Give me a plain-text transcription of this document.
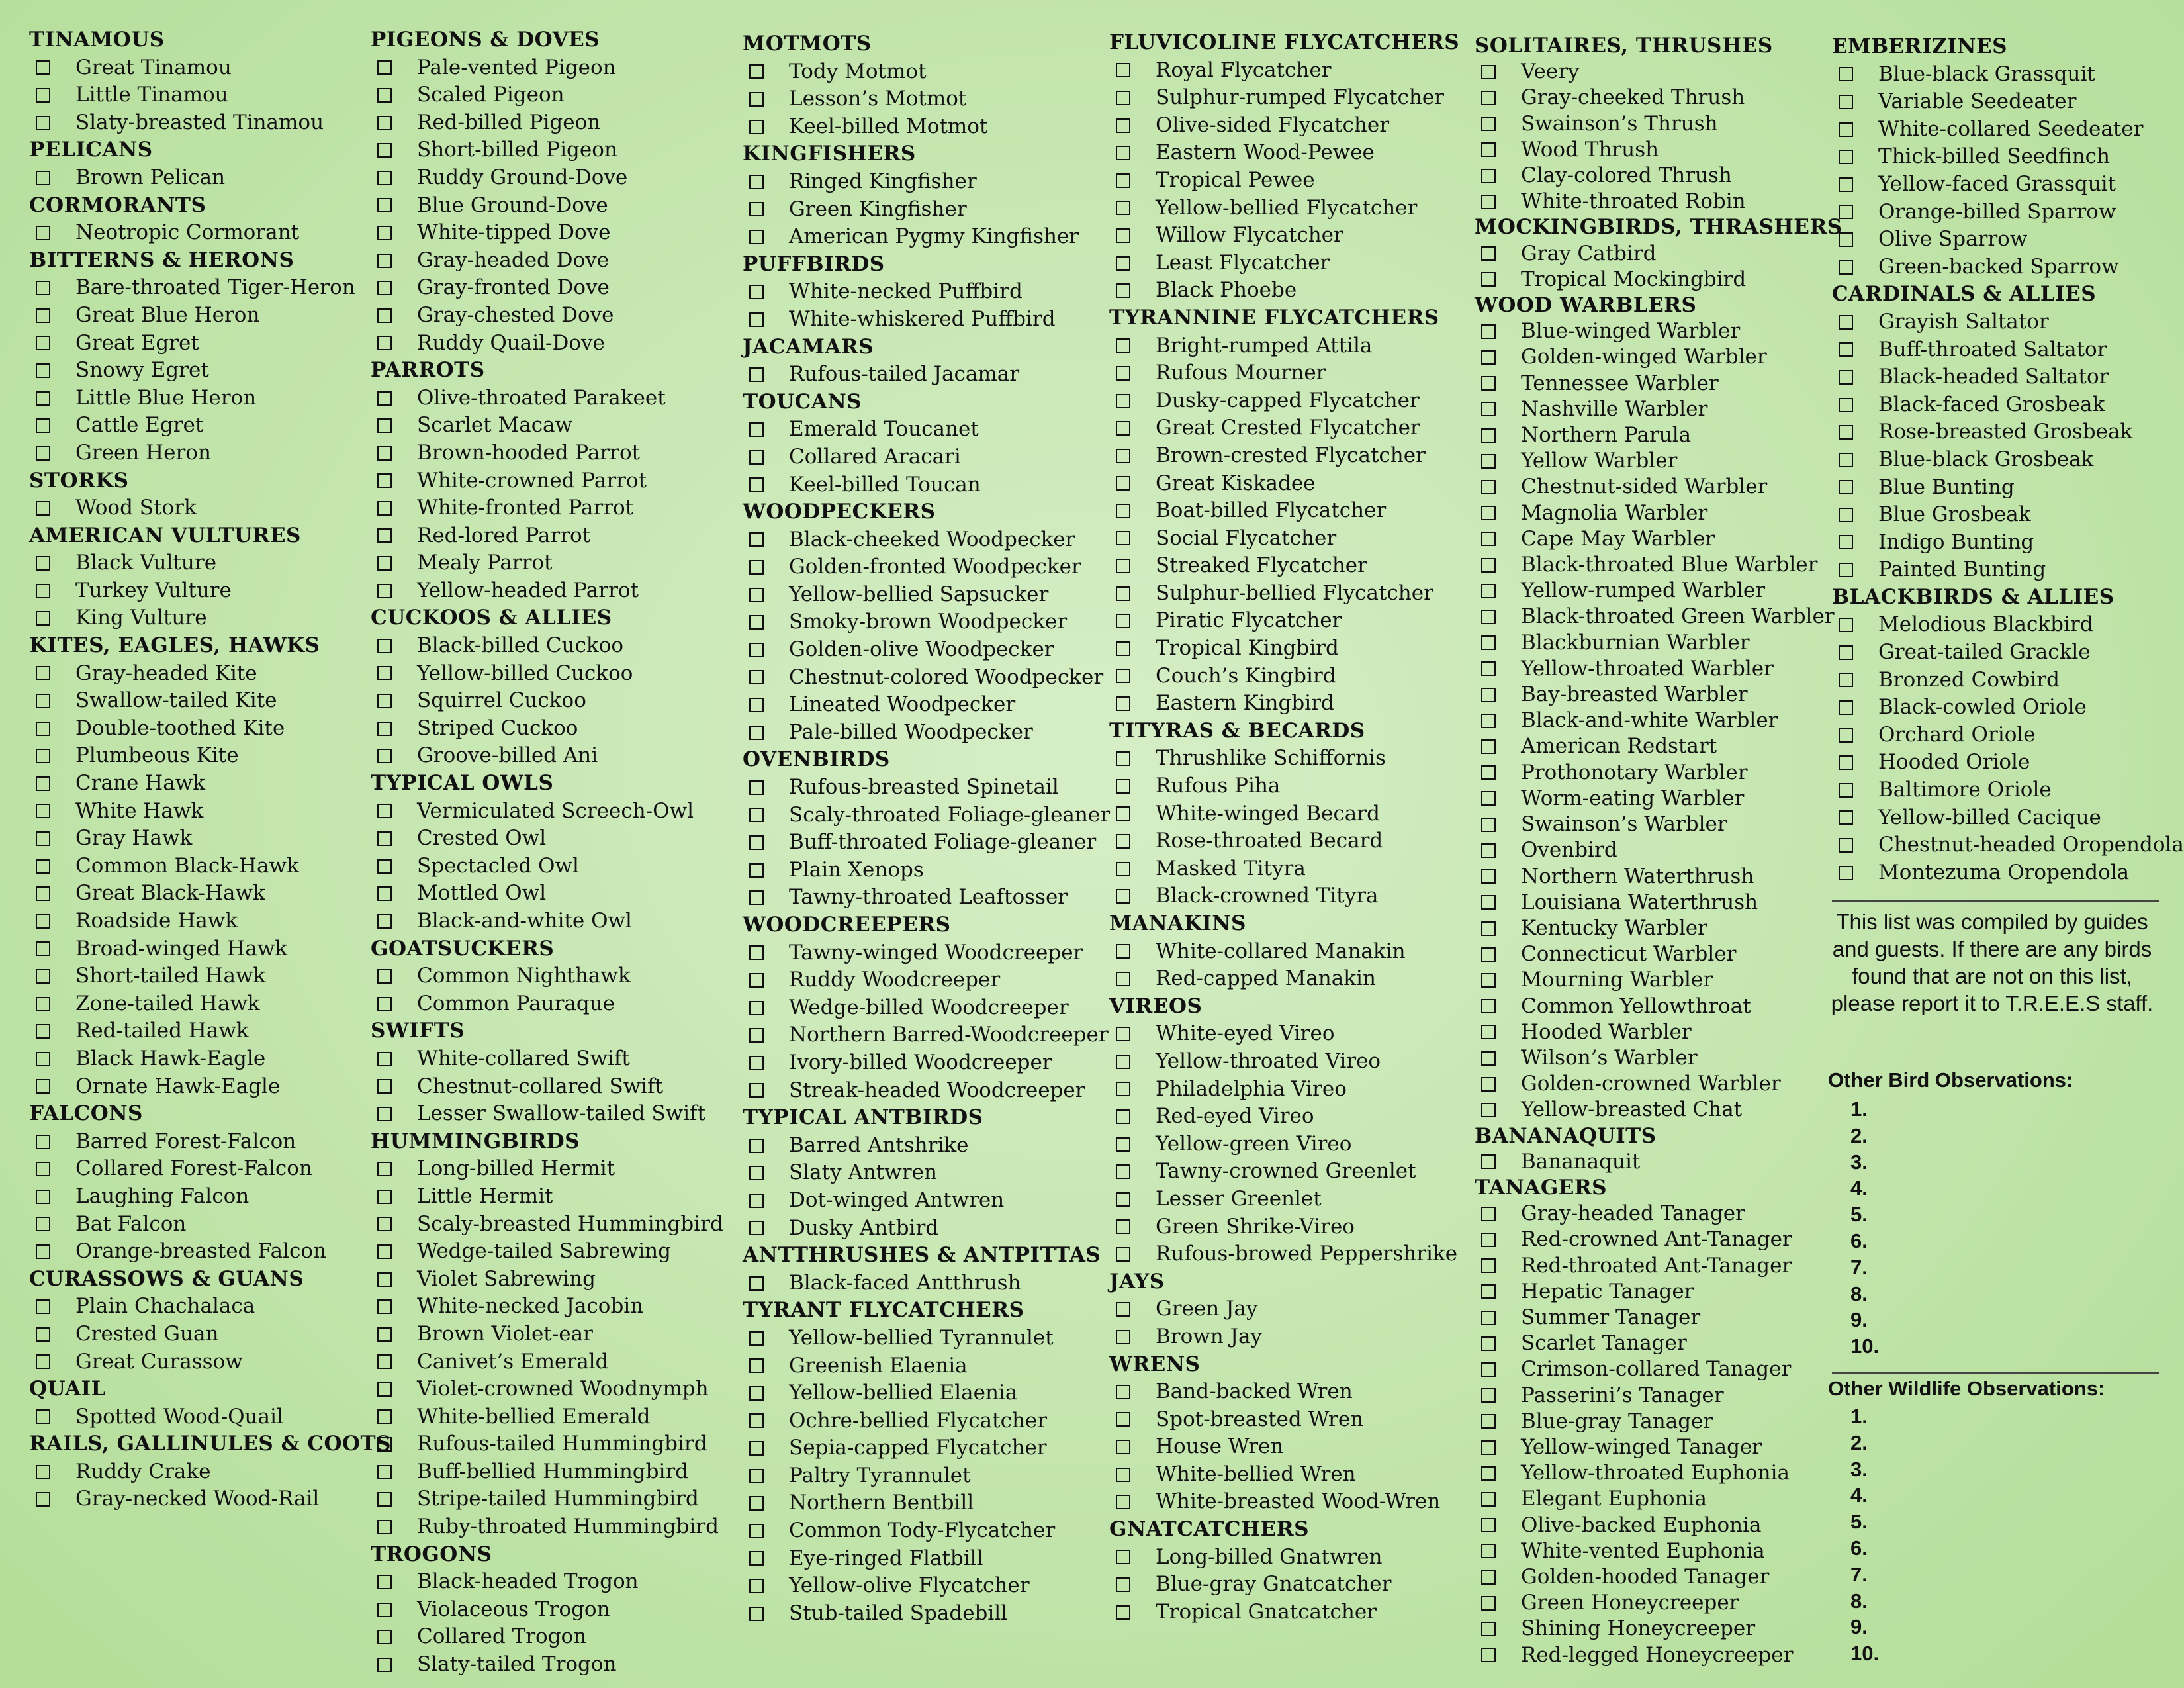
TINAMOUS
Great Tinamou
Little Tinamou
Slaty-breasted Tinamou
PELICANS
Brown Pelican
CORMORANTS
Neotropic Cormorant
BITTERNS & HERONS
Bare-throated Tiger-Heron
Great Blue Heron
Great Egret
Snowy Egret
Little Blue Heron
Cattle Egret
Green Heron
STORKS
Wood Stork
AMERICAN VULTURES
Black Vulture
Turkey Vulture
King Vulture
KITES, EAGLES, HAWKS
Gray-headed Kite
Swallow-tailed Kite
Double-toothed Kite
Plumbeous Kite
Crane Hawk
White Hawk
Gray Hawk
Common Black-Hawk
Great Black-Hawk
Roadside Hawk
Broad-winged Hawk
Short-tailed Hawk
Zone-tailed Hawk
Red-tailed Hawk
Black Hawk-Eagle
Ornate Hawk-Eagle
FALCONS
Barred Forest-Falcon
Collared Forest-Falcon
Laughing Falcon
Bat Falcon
Orange-breasted Falcon
CURASSOWS & GUANS
Plain Chachalaca
Crested Guan
Great Curassow
QUAIL
Spotted Wood-Quail
RAILS, GALLINULES & COOTS
Ruddy Crake
Gray-necked Wood-Rail
PIGEONS & DOVES
Pale-vented Pigeon
Scaled Pigeon
Red-billed Pigeon
Short-billed Pigeon
Ruddy Ground-Dove
Blue Ground-Dove
White-tipped Dove
Gray-headed Dove
Gray-fronted Dove
Gray-chested Dove
Ruddy Quail-Dove
PARROTS
Olive-throated Parakeet
Scarlet Macaw
Brown-hooded Parrot
White-crowned Parrot
White-fronted Parrot
Red-lored Parrot
Mealy Parrot
Yellow-headed Parrot
CUCKOOS & ALLIES
Black-billed Cuckoo
Yellow-billed Cuckoo
Squirrel Cuckoo
Striped Cuckoo
Groove-billed Ani
TYPICAL OWLS
Vermiculated Screech-Owl
Crested Owl
Spectacled Owl
Mottled Owl
Black-and-white Owl
GOATSUCKERS
Common Nighthawk
Common Pauraque
SWIFTS
White-collared Swift
Chestnut-collared Swift
Lesser Swallow-tailed Swift
HUMMINGBIRDS
Long-billed Hermit
Little Hermit
Scaly-breasted Hummingbird
Wedge-tailed Sabrewing
Violet Sabrewing
White-necked Jacobin
Brown Violet-ear
Canivet’s Emerald
Violet-crowned Woodnymph
White-bellied Emerald
Rufous-tailed Hummingbird
Buff-bellied Hummingbird
Stripe-tailed Hummingbird
Ruby-throated Hummingbird
TROGONS
Black-headed Trogon
Violaceous Trogon
Collared Trogon
Slaty-tailed Trogon
MOTMOTS
Tody Motmot
Lesson’s Motmot
Keel-billed Motmot
KINGFISHERS
Ringed Kingfisher
Green Kingfisher
American Pygmy Kingfisher
PUFFBIRDS
White-necked Puffbird
White-whiskered Puffbird
JACAMARS
Rufous-tailed Jacamar
TOUCANS
Emerald Toucanet
Collared Aracari
Keel-billed Toucan
WOODPECKERS
Black-cheeked Woodpecker
Golden-fronted Woodpecker
Yellow-bellied Sapsucker
Smoky-brown Woodpecker
Golden-olive Woodpecker
Chestnut-colored Woodpecker
Lineated Woodpecker
Pale-billed Woodpecker
OVENBIRDS
Rufous-breasted Spinetail
Scaly-throated Foliage-gleaner
Buff-throated Foliage-gleaner
Plain Xenops
Tawny-throated Leaftosser
WOODCREEPERS
Tawny-winged Woodcreeper
Ruddy Woodcreeper
Wedge-billed Woodcreeper
Northern Barred-Woodcreeper
Ivory-billed Woodcreeper
Streak-headed Woodcreeper
TYPICAL ANTBIRDS
Barred Antshrike
Slaty Antwren
Dot-winged Antwren
Dusky Antbird
ANTTHRUSHES & ANTPITTAS
Black-faced Antthrush
TYRANT FLYCATCHERS
Yellow-bellied Tyrannulet
Greenish Elaenia
Yellow-bellied Elaenia
Ochre-bellied Flycatcher
Sepia-capped Flycatcher
Paltry Tyrannulet
Northern Bentbill
Common Tody-Flycatcher
Eye-ringed Flatbill
Yellow-olive Flycatcher
Stub-tailed Spadebill
FLUVICOLINE FLYCATCHERS
Royal Flycatcher
Sulphur-rumped Flycatcher
Olive-sided Flycatcher
Eastern Wood-Pewee
Tropical Pewee
Yellow-bellied Flycatcher
Willow Flycatcher
Least Flycatcher
Black Phoebe
TYRANNINE FLYCATCHERS
Bright-rumped Attila
Rufous Mourner
Dusky-capped Flycatcher
Great Crested Flycatcher
Brown-crested Flycatcher
Great Kiskadee
Boat-billed Flycatcher
Social Flycatcher
Streaked Flycatcher
Sulphur-bellied Flycatcher
Piratic Flycatcher
Tropical Kingbird
Couch’s Kingbird
Eastern Kingbird
TITYRAS & BECARDS
Thrushlike Schiffornis
Rufous Piha
White-winged Becard
Rose-throated Becard
Masked Tityra
Black-crowned Tityra
MANAKINS
White-collared Manakin
Red-capped Manakin
VIREOS
White-eyed Vireo
Yellow-throated Vireo
Philadelphia Vireo
Red-eyed Vireo
Yellow-green Vireo
Tawny-crowned Greenlet
Lesser Greenlet
Green Shrike-Vireo
Rufous-browed Peppershrike
JAYS
Green Jay
Brown Jay
WRENS
Band-backed Wren
Spot-breasted Wren
House Wren
White-bellied Wren
White-breasted Wood-Wren
GNATCATCHERS
Long-billed Gnatwren
Blue-gray Gnatcatcher
Tropical Gnatcatcher
SOLITAIRES, THRUSHES
Veery
Gray-cheeked Thrush
Swainson’s Thrush
Wood Thrush
Clay-colored Thrush
White-throated Robin
MOCKINGBIRDS, THRASHERS
Gray Catbird
Tropical Mockingbird
WOOD WARBLERS
Blue-winged Warbler
Golden-winged Warbler
Tennessee Warbler
Nashville Warbler
Northern Parula
Yellow Warbler
Chestnut-sided Warbler
Magnolia Warbler
Cape May Warbler
Black-throated Blue Warbler
Yellow-rumped Warbler
Black-throated Green Warbler
Blackburnian Warbler
Yellow-throated Warbler
Bay-breasted Warbler
Black-and-white Warbler
American Redstart
Prothonotary Warbler
Worm-eating Warbler
Swainson’s Warbler
Ovenbird
Northern Waterthrush
Louisiana Waterthrush
Kentucky Warbler
Connecticut Warbler
Mourning Warbler
Common Yellowthroat
Hooded Warbler
Wilson’s Warbler
Golden-crowned Warbler
Yellow-breasted Chat
BANANAQUITS
Bananaquit
TANAGERS
Gray-headed Tanager
Red-crowned Ant-Tanager
Red-throated Ant-Tanager
Hepatic Tanager
Summer Tanager
Scarlet Tanager
Crimson-collared Tanager
Passerini’s Tanager
Blue-gray Tanager
Yellow-winged Tanager
Yellow-throated Euphonia
Elegant Euphonia
Olive-backed Euphonia
White-vented Euphonia
Golden-hooded Tanager
Green Honeycreeper
Shining Honeycreeper
Red-legged Honeycreeper
EMBERIZINES
Blue-black Grassquit
Variable Seedeater
White-collared Seedeater
Thick-billed Seedfinch
Yellow-faced Grassquit
Orange-billed Sparrow
Olive Sparrow
Green-backed Sparrow
CARDINALS & ALLIES
Grayish Saltator
Buff-throated Saltator
Black-headed Saltator
Black-faced Grosbeak
Rose-breasted Grosbeak
Blue-black Grosbeak
Blue Bunting
Blue Grosbeak
Indigo Bunting
Painted Bunting
BLACKBIRDS & ALLIES
Melodious Blackbird
Great-tailed Grackle
Bronzed Cowbird
Black-cowled Oriole
Orchard Oriole
Hooded Oriole
Baltimore Oriole
Yellow-billed Cacique
Chestnut-headed Oropendola
Montezuma Oropendola
This list was compiled by guides and guests. If there are any birds found that are not on this list, please report it to T.R.E.E.S staff.
Other Bird Observations:
1.
2.
3.
4.
5.
6.
7.
8.
9.
10.
Other Wildlife Observations:
1.
2.
3.
4.
5.
6.
7.
8.
9.
10.
